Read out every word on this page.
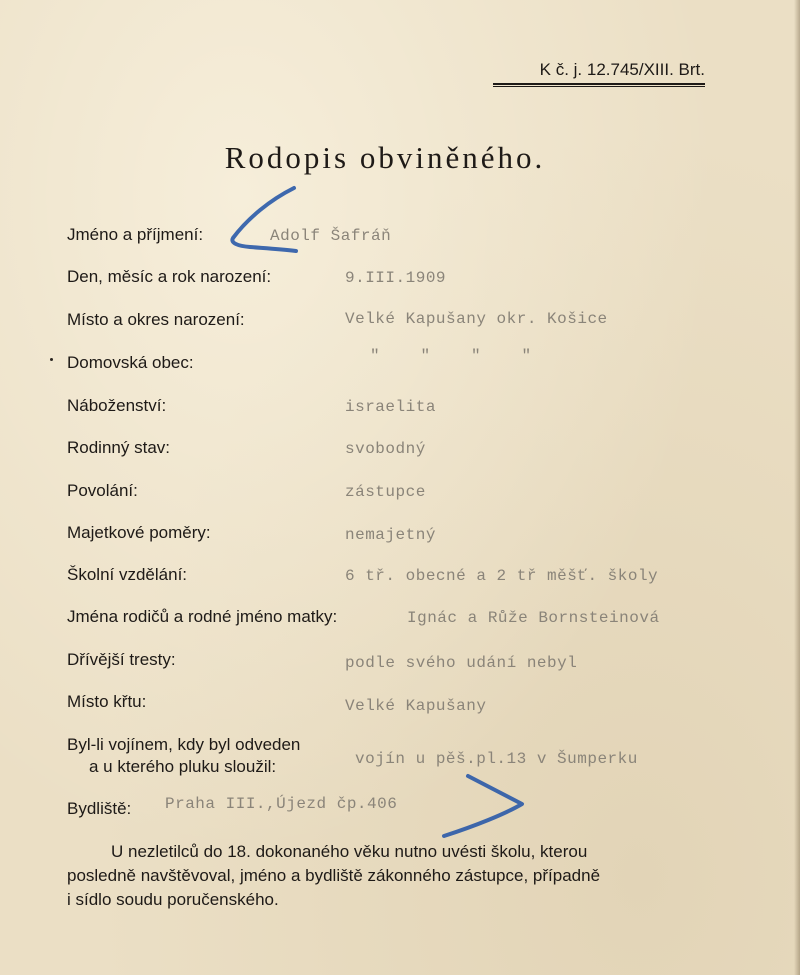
K č. j. 12.745/XIII. Brt.
Rodopis obviněného.
Jméno a příjmení:
Den, měsíc a rok narození:
Místo a okres narození:
Domovská obec:
Náboženství:
Rodinný stav:
Povolání:
Majetkové poměry:
Školní vzdělání:
Jména rodičů a rodné jméno matky:
Dřívější tresty:
Místo křtu:
Byl-li vojínem, kdy byl odveden
a u kterého pluku sloužil:
Bydliště:
Adolf Šafráň
9.III.1909
Velké Kapušany okr. Košice
"    "    "    "
israelita
svobodný
zástupce
nemajetný
6 tř. obecné a 2 tř měšť. školy
Ignác a Růže Bornsteinová
podle svého udání nebyl
Velké Kapušany
vojín u pěš.pl.13 v Šumperku
Praha III.,Újezd čp.406
U nezletilců do 18. dokonaného věku nutno uvésti školu, kterou
posledně navštěvoval, jméno a bydliště zákonného zástupce, případně
i sídlo soudu poručenského.
